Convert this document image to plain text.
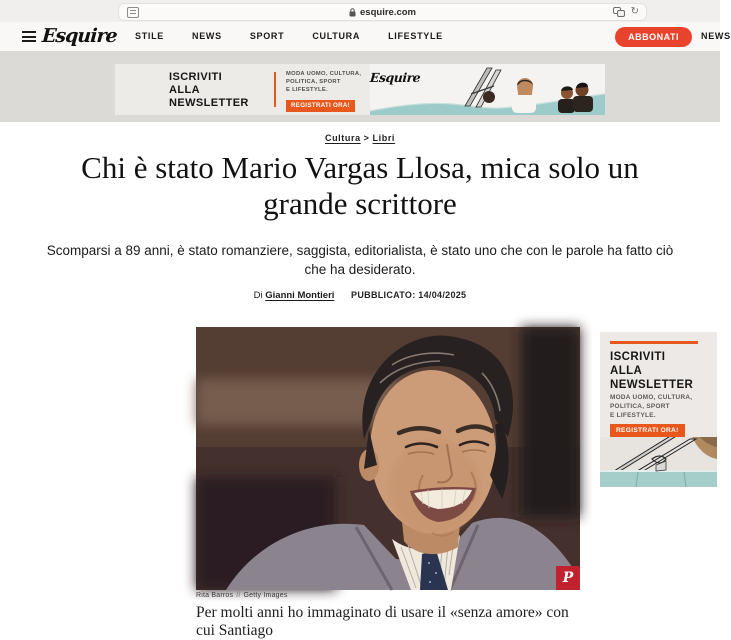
esquire.com	↻
Esquire STILE	NEWS	SPORT	CULTURA	LIFESTYLE	ABBONATI	NEWS
Esquire
ISCRIVITI
ALLA
NEWSLETTER
MODA UOMO, CULTURA,
POLITICA, SPORT
E LIFESTYLE.
REGISTRATI ORA!
Cultura > Libri
Chi è stato Mario Vargas Llosa, mica solo un grande scrittore
Scomparsi a 89 anni, è stato romanziere, saggista, editorialista, è stato uno che con le parole ha fatto ciò che ha desiderato.
Di Gianni Montieri PUBBLICATO: 14/04/2025
P
Rita Barros // Getty Images
ISCRIVITI
ALLA
NEWSLETTER
MODA UOMO, CULTURA,
POLITICA, SPORT
E LIFESTYLE.
REGISTRATI ORA!
Per molti anni ho immaginato di usare il «senza amore» con cui Santiago
